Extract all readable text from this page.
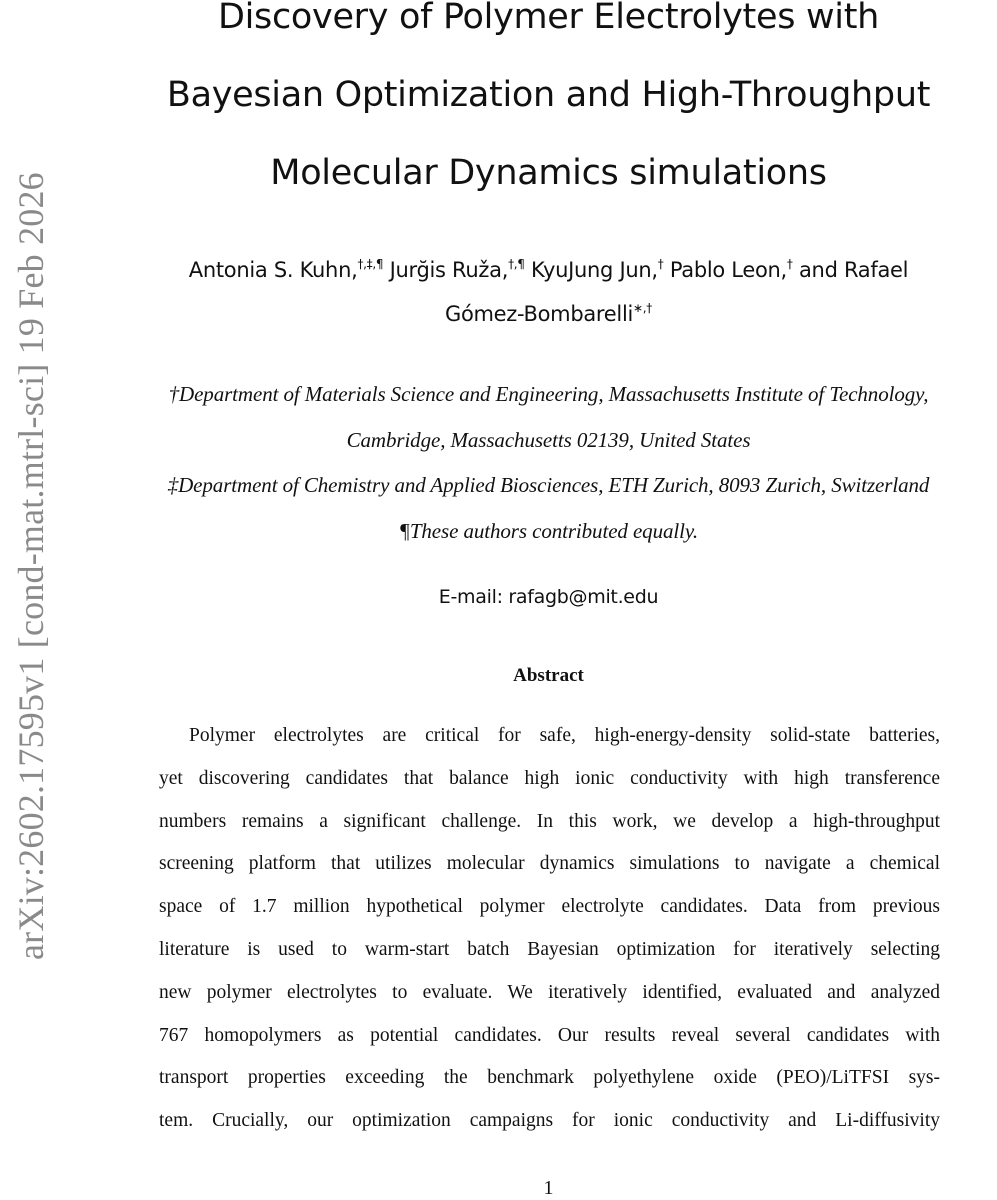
arXiv:2602.17595v1 [cond-mat.mtrl-sci] 19 Feb 2026
Discovery of Polymer Electrolytes with
Bayesian Optimization and High-Throughput
Molecular Dynamics simulations
Antonia S. Kuhn,†,‡,¶ Jurğis Ruža,†,¶ KyuJung Jun,† Pablo Leon,† and Rafael
Gómez-Bombarelli∗,†
†Department of Materials Science and Engineering, Massachusetts Institute of Technology,
Cambridge, Massachusetts 02139, United States
‡Department of Chemistry and Applied Biosciences, ETH Zurich, 8093 Zurich, Switzerland
¶These authors contributed equally.
E-mail: rafagb@mit.edu
Abstract
Polymer electrolytes are critical for safe, high-energy-density solid-state batteries,
yet discovering candidates that balance high ionic conductivity with high transference
numbers remains a significant challenge. In this work, we develop a high-throughput
screening platform that utilizes molecular dynamics simulations to navigate a chemical
space of 1.7 million hypothetical polymer electrolyte candidates. Data from previous
literature is used to warm-start batch Bayesian optimization for iteratively selecting
new polymer electrolytes to evaluate. We iteratively identified, evaluated and analyzed
767 homopolymers as potential candidates. Our results reveal several candidates with
transport properties exceeding the benchmark polyethylene oxide (PEO)/LiTFSI sys-
tem. Crucially, our optimization campaigns for ionic conductivity and Li-diffusivity
1
